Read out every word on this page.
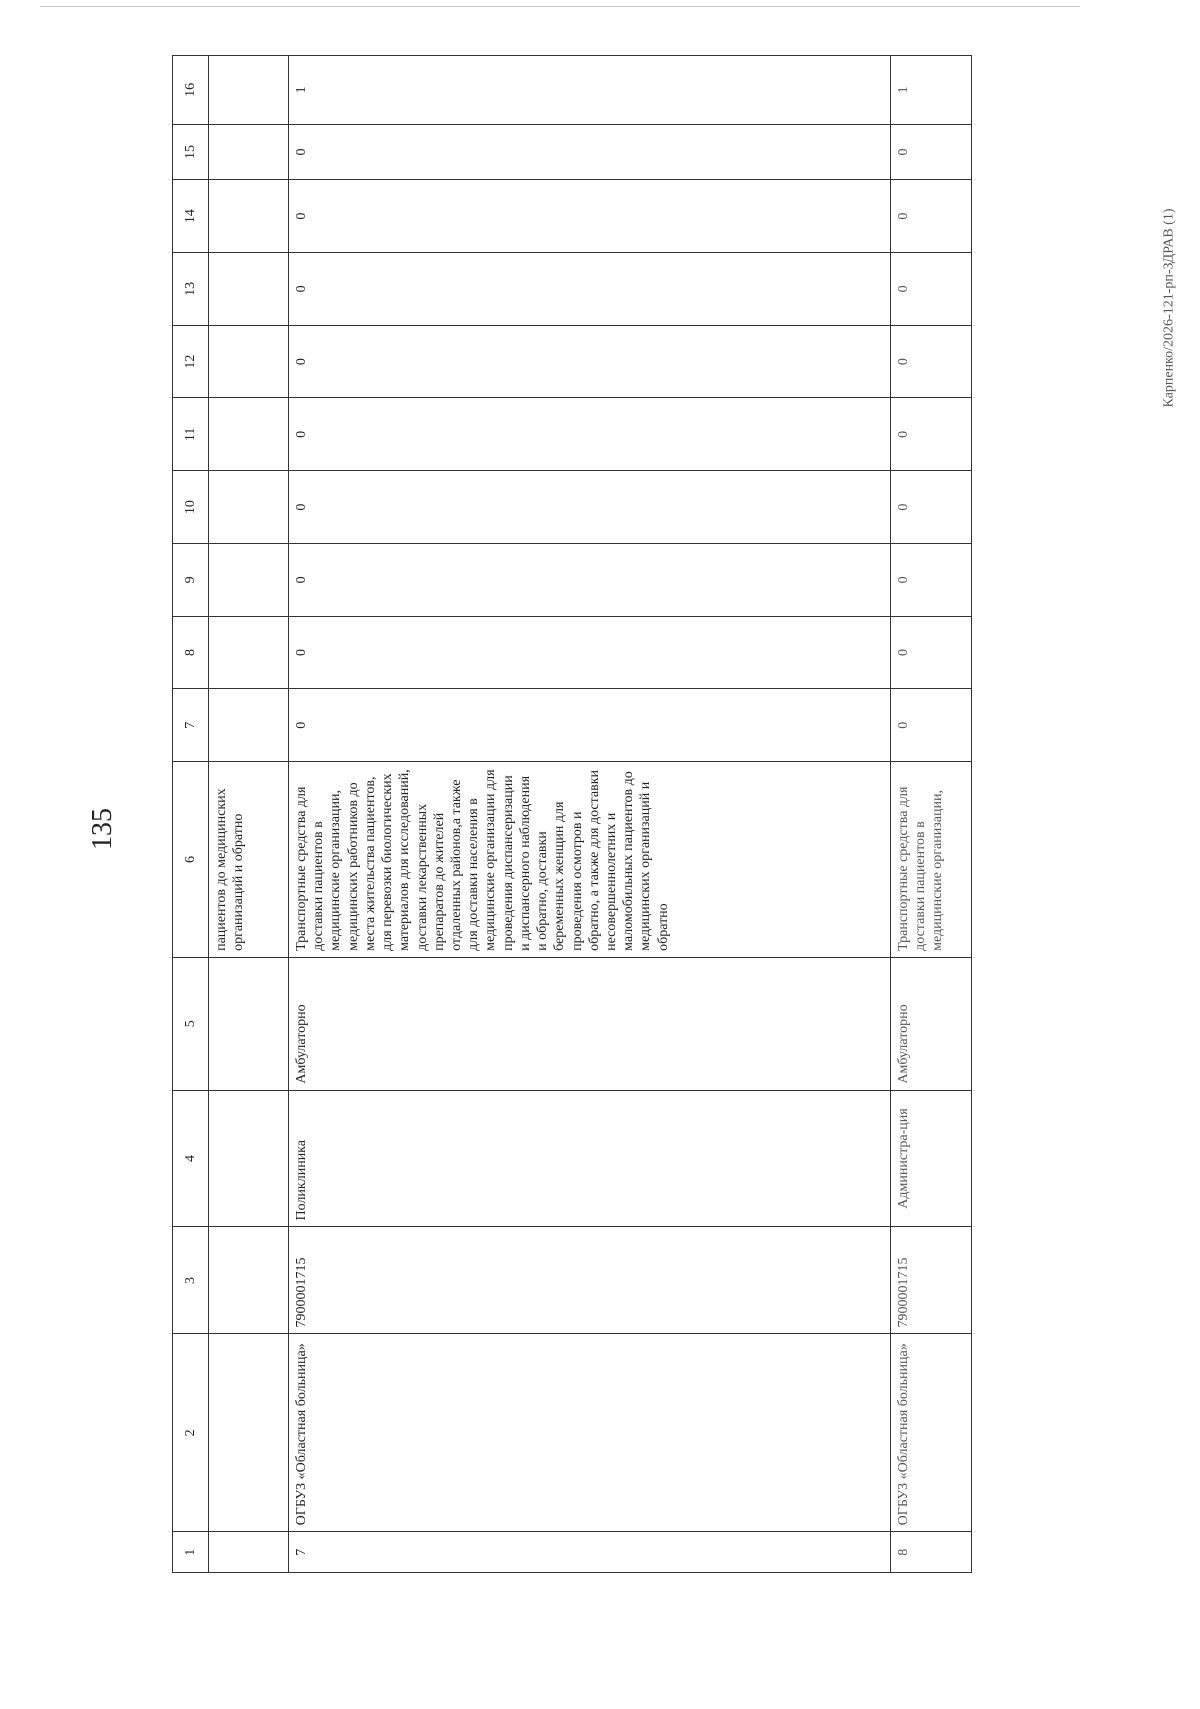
135
Карпенко/2026-121-рп-ЗДРАВ (1)
1	2	3	4	5	6	7	8	9	10	11	12	13	14	15	16
					пациентов до медицинских организаций и обратно										
7	ОГБУЗ «Областная больница»	7900001715	Поликлиника	Амбулаторно	Транспортные средства для доставки пациентов в медицинские организации, медицинских работников до места жительства пациентов, для перевозки биологических материалов для исследований, доставки лекарственных препаратов до жителей отдаленных районов,а также для доставки населения в медицинские организации для проведения диспансеризации и диспансерного наблюдения и обратно, доставки беременных женщин для проведения осмотров и обратно, а также для доставки несовершеннолетних и маломобильных пациентов до медицинских организаций и обратно	0	0	0	0	0	0	0	0	0	1
8	ОГБУЗ «Областная больница»	7900001715	Администра-ция	Амбулаторно	Транспортные средства для доставки пациентов в медицинские организации,	0	0	0	0	0	0	0	0	0	1
